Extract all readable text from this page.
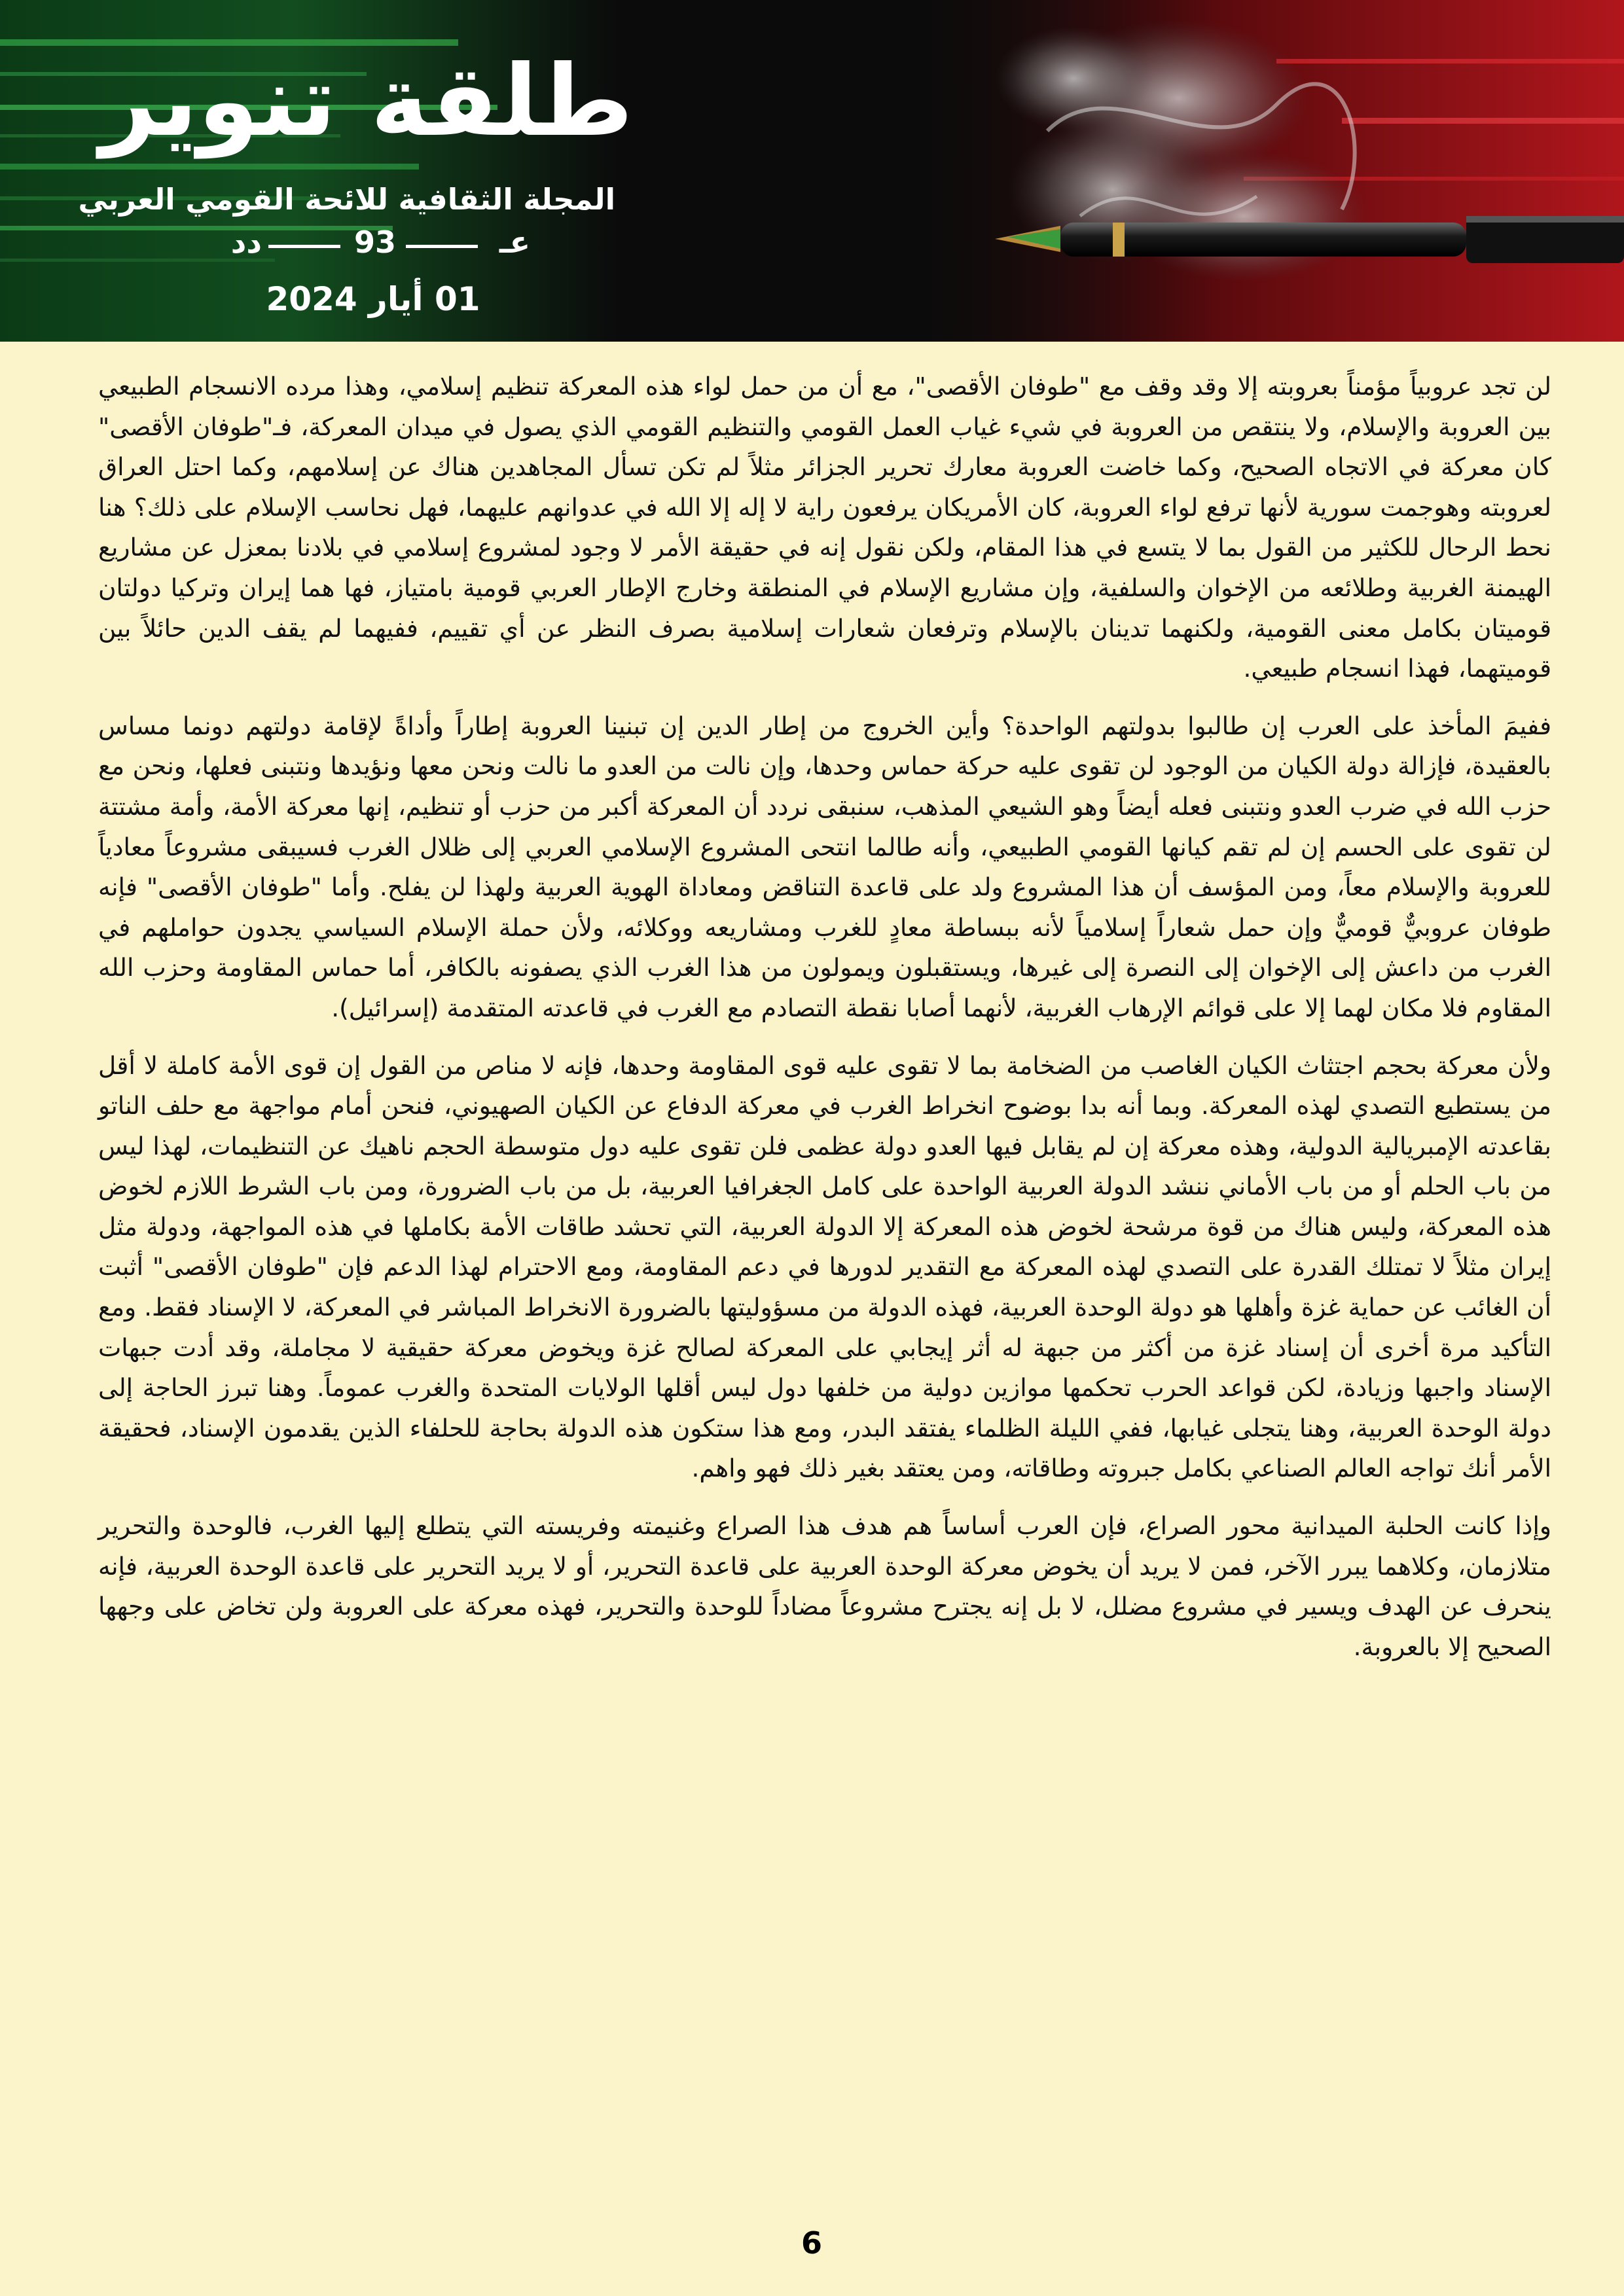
طلقة تنوير
المجلة الثقافية للائحة القومي العربي
عـ
93
دد
01 أيار 2024

لن تجد عروبياً مؤمناً بعروبته إلا وقد وقف مع "طوفان الأقصى"، مع أن من حمل لواء هذه المعركة تنظيم إسلامي، وهذا مرده الانسجام الطبيعي بين العروبة والإسلام، ولا ينتقص من العروبة في شيء غياب العمل القومي والتنظيم القومي الذي يصول في ميدان المعركة، فـ"طوفان الأقصى" كان معركة في الاتجاه الصحيح، وكما خاضت العروبة معارك تحرير الجزائر مثلاً لم تكن تسأل المجاهدين هناك عن إسلامهم، وكما احتل العراق لعروبته وهوجمت سورية لأنها ترفع لواء العروبة، كان الأمريكان يرفعون راية لا إله إلا الله في عدوانهم عليهما، فهل نحاسب الإسلام على ذلك؟ هنا نحط الرحال للكثير من القول بما لا يتسع في هذا المقام، ولكن نقول إنه في حقيقة الأمر لا وجود لمشروع إسلامي في بلادنا بمعزل عن مشاريع الهيمنة الغربية وطلائعه من الإخوان والسلفية، وإن مشاريع الإسلام في المنطقة وخارج الإطار العربي قومية بامتياز، فها هما إيران وتركيا دولتان قوميتان بكامل معنى القومية، ولكنهما تدينان بالإسلام وترفعان شعارات إسلامية بصرف النظر عن أي تقييم، ففيهما لم يقف الدين حائلاً بين قوميتهما، فهذا انسجام طبيعي.

ففيمَ المأخذ على العرب إن طالبوا بدولتهم الواحدة؟ وأين الخروج من إطار الدين إن تبنينا العروبة إطاراً وأداةً لإقامة دولتهم دونما مساس بالعقيدة، فإزالة دولة الكيان من الوجود لن تقوى عليه حركة حماس وحدها، وإن نالت من العدو ما نالت ونحن معها ونؤيدها ونتبنى فعلها، ونحن مع حزب الله في ضرب العدو ونتبنى فعله أيضاً وهو الشيعي المذهب، سنبقى نردد أن المعركة أكبر من حزب أو تنظيم، إنها معركة الأمة، وأمة مشتتة لن تقوى على الحسم إن لم تقم كيانها القومي الطبيعي، وأنه طالما انتحى المشروع الإسلامي العربي إلى ظلال الغرب فسيبقى مشروعاً معادياً للعروبة والإسلام معاً، ومن المؤسف أن هذا المشروع ولد على قاعدة التناقض ومعاداة الهوية العربية ولهذا لن يفلح. وأما "طوفان الأقصى" فإنه طوفان عروبيٌّ قوميٌّ وإن حمل شعاراً إسلامياً لأنه ببساطة معادٍ للغرب ومشاريعه ووكلائه، ولأن حملة الإسلام السياسي يجدون حواملهم في الغرب من داعش إلى الإخوان إلى النصرة إلى غيرها، ويستقبلون ويمولون من هذا الغرب الذي يصفونه بالكافر، أما حماس المقاومة وحزب الله المقاوم فلا مكان لهما إلا على قوائم الإرهاب الغربية، لأنهما أصابا نقطة التصادم مع الغرب في قاعدته المتقدمة (إسرائيل).

ولأن معركة بحجم اجتثاث الكيان الغاصب من الضخامة بما لا تقوى عليه قوى المقاومة وحدها، فإنه لا مناص من القول إن قوى الأمة كاملة لا أقل من يستطيع التصدي لهذه المعركة. وبما أنه بدا بوضوح انخراط الغرب في معركة الدفاع عن الكيان الصهيوني، فنحن أمام مواجهة مع حلف الناتو بقاعدته الإمبريالية الدولية، وهذه معركة إن لم يقابل فيها العدو دولة عظمى فلن تقوى عليه دول متوسطة الحجم ناهيك عن التنظيمات، لهذا ليس من باب الحلم أو من باب الأماني ننشد الدولة العربية الواحدة على كامل الجغرافيا العربية، بل من باب الضرورة، ومن باب الشرط اللازم لخوض هذه المعركة، وليس هناك من قوة مرشحة لخوض هذه المعركة إلا الدولة العربية، التي تحشد طاقات الأمة بكاملها في هذه المواجهة، ودولة مثل إيران مثلاً لا تمتلك القدرة على التصدي لهذه المعركة مع التقدير لدورها في دعم المقاومة، ومع الاحترام لهذا الدعم فإن "طوفان الأقصى" أثبت أن الغائب عن حماية غزة وأهلها هو دولة الوحدة العربية، فهذه الدولة من مسؤوليتها بالضرورة الانخراط المباشر في المعركة، لا الإسناد فقط. ومع التأكيد مرة أخرى أن إسناد غزة من أكثر من جبهة له أثر إيجابي على المعركة لصالح غزة ويخوض معركة حقيقية لا مجاملة، وقد أدت جبهات الإسناد واجبها وزيادة، لكن قواعد الحرب تحكمها موازين دولية من خلفها دول ليس أقلها الولايات المتحدة والغرب عموماً. وهنا تبرز الحاجة إلى دولة الوحدة العربية، وهنا يتجلى غيابها، ففي الليلة الظلماء يفتقد البدر، ومع هذا ستكون هذه الدولة بحاجة للحلفاء الذين يقدمون الإسناد، فحقيقة الأمر أنك تواجه العالم الصناعي بكامل جبروته وطاقاته، ومن يعتقد بغير ذلك فهو واهم.

وإذا كانت الحلبة الميدانية محور الصراع، فإن العرب أساساً هم هدف هذا الصراع وغنيمته وفريسته التي يتطلع إليها الغرب، فالوحدة والتحرير متلازمان، وكلاهما يبرر الآخر، فمن لا يريد أن يخوض معركة الوحدة العربية على قاعدة التحرير، أو لا يريد التحرير على قاعدة الوحدة العربية، فإنه ينحرف عن الهدف ويسير في مشروع مضلل، لا بل إنه يجترح مشروعاً مضاداً للوحدة والتحرير، فهذه معركة على العروبة ولن تخاض على وجهها الصحيح إلا بالعروبة.

6
